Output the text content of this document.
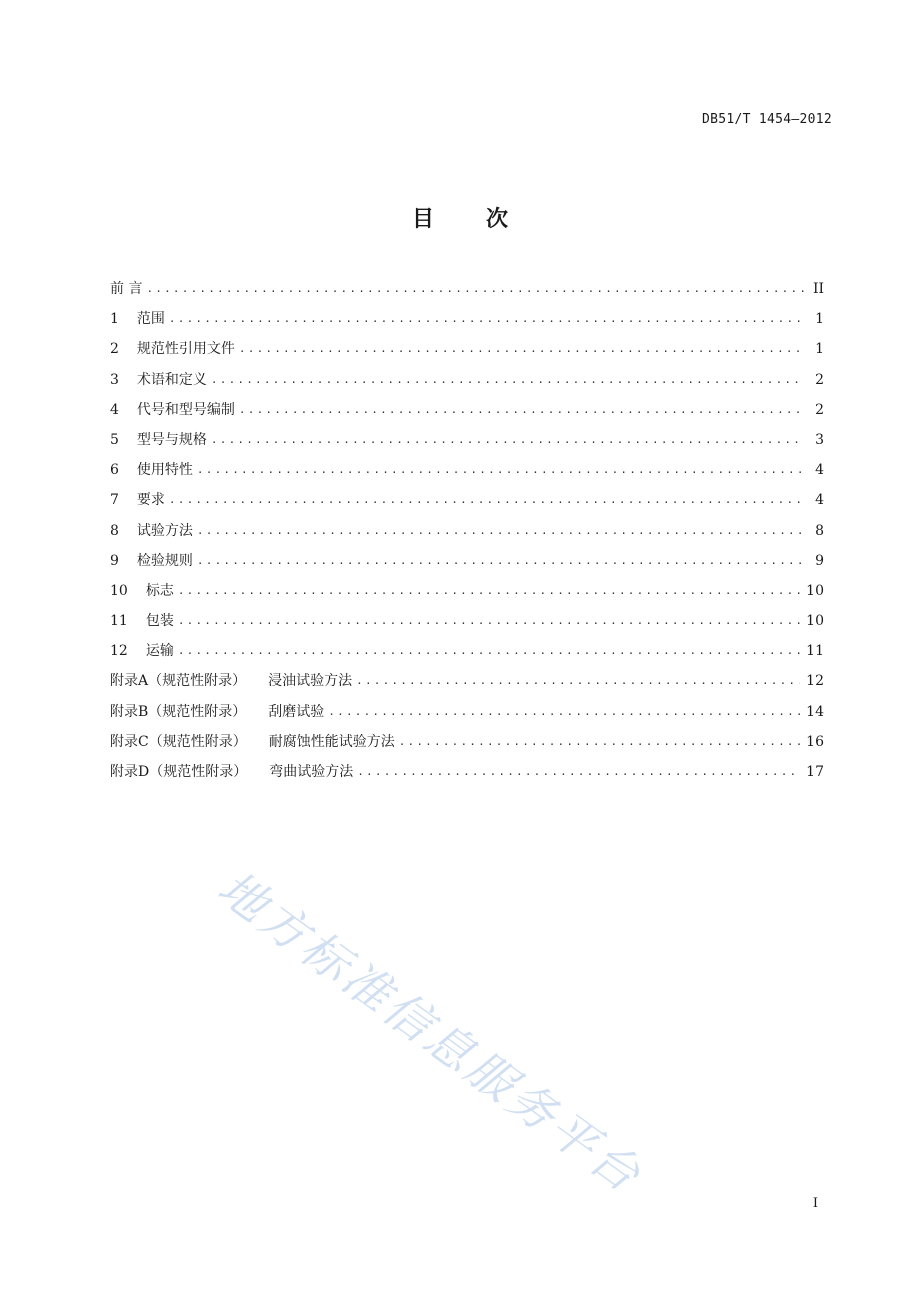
DB51/T 1454—2012
目 次
前 言 .....	II
1 范围 .....	1
2 规范性引用文件 .....	1
3 术语和定义 .....	2
4 代号和型号编制 .....	2
5 型号与规格 .....	3
6 使用特性 .....	4
7 要求 .....	4
8 试验方法 .....	8
9 检验规则 .....	9
10 标志 .....	10
11 包装 .....	10
12 运输 .....	11
附录A（规范性附录） 浸油试验方法 .....	12
附录B（规范性附录） 刮磨试验 .....	14
附录C（规范性附录） 耐腐蚀性能试验方法 .....	16
附录D（规范性附录） 弯曲试验方法 .....	17
I
地方标准信息服务平台
